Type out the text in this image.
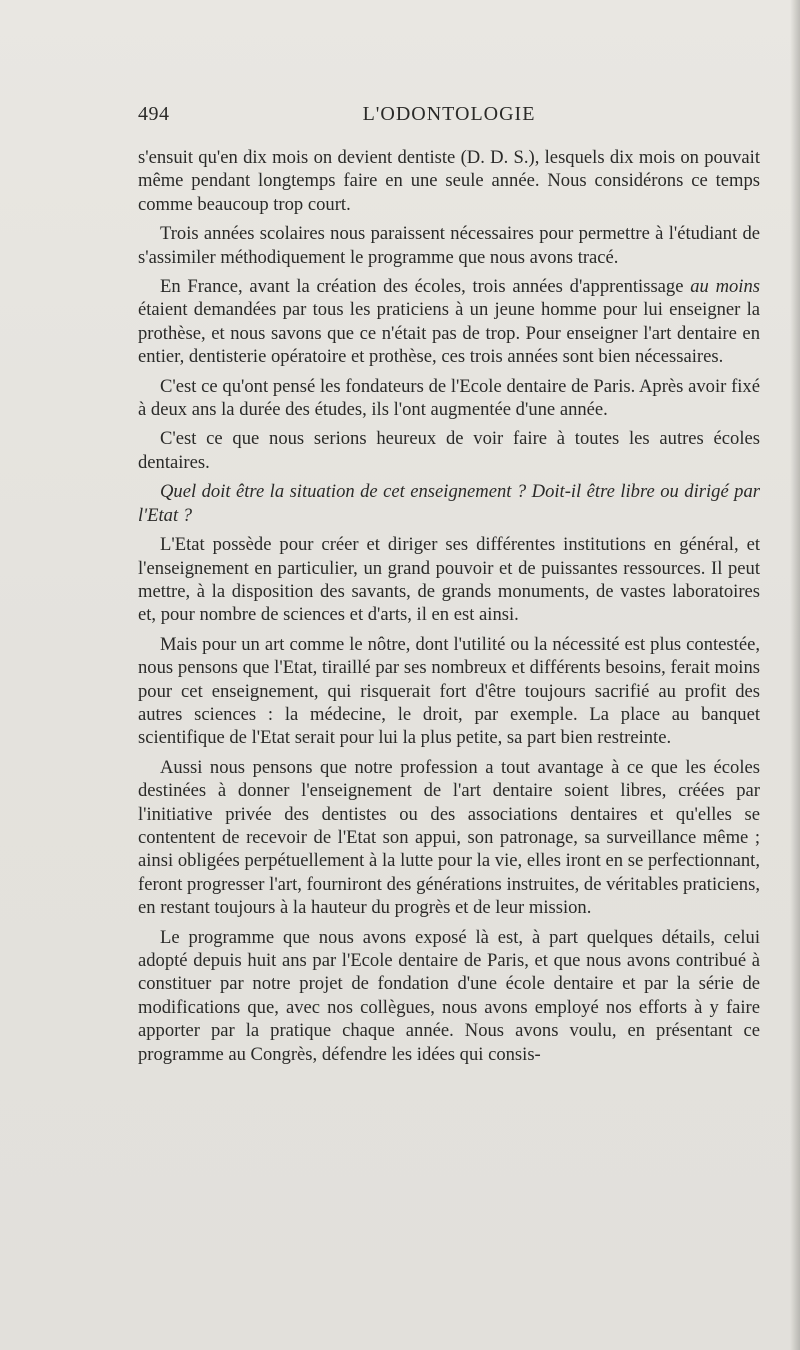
494	L'ODONTOLOGIE

s'ensuit qu'en dix mois on devient dentiste (D. D. S.), lesquels dix mois on pouvait même pendant longtemps faire en une seule année. Nous considérons ce temps comme beaucoup trop court.

Trois années scolaires nous paraissent nécessaires pour permettre à l'étudiant de s'assimiler méthodiquement le programme que nous avons tracé.

En France, avant la création des écoles, trois années d'apprentissage au moins étaient demandées par tous les praticiens à un jeune homme pour lui enseigner la prothèse, et nous savons que ce n'était pas de trop. Pour enseigner l'art dentaire en entier, dentisterie opératoire et prothèse, ces trois années sont bien nécessaires.

C'est ce qu'ont pensé les fondateurs de l'Ecole dentaire de Paris. Après avoir fixé à deux ans la durée des études, ils l'ont augmentée d'une année.

C'est ce que nous serions heureux de voir faire à toutes les autres écoles dentaires.

Quel doit être la situation de cet enseignement ? Doit-il être libre ou dirigé par l'Etat ?

L'Etat possède pour créer et diriger ses différentes institutions en général, et l'enseignement en particulier, un grand pouvoir et de puissantes ressources. Il peut mettre, à la disposition des savants, de grands monuments, de vastes laboratoires et, pour nombre de sciences et d'arts, il en est ainsi.

Mais pour un art comme le nôtre, dont l'utilité ou la nécessité est plus contestée, nous pensons que l'Etat, tiraillé par ses nombreux et différents besoins, ferait moins pour cet enseignement, qui risquerait fort d'être toujours sacrifié au profit des autres sciences : la médecine, le droit, par exemple. La place au banquet scientifique de l'Etat serait pour lui la plus petite, sa part bien restreinte.

Aussi nous pensons que notre profession a tout avantage à ce que les écoles destinées à donner l'enseignement de l'art dentaire soient libres, créées par l'initiative privée des dentistes ou des associations dentaires et qu'elles se contentent de recevoir de l'Etat son appui, son patronage, sa surveillance même ; ainsi obligées perpétuellement à la lutte pour la vie, elles iront en se perfectionnant, feront progresser l'art, fourniront des générations instruites, de véritables praticiens, en restant toujours à la hauteur du progrès et de leur mission.

Le programme que nous avons exposé là est, à part quelques détails, celui adopté depuis huit ans par l'Ecole dentaire de Paris, et que nous avons contribué à constituer par notre projet de fondation d'une école dentaire et par la série de modifications que, avec nos collègues, nous avons employé nos efforts à y faire apporter par la pratique chaque année. Nous avons voulu, en présentant ce programme au Congrès, défendre les idées qui consis-
